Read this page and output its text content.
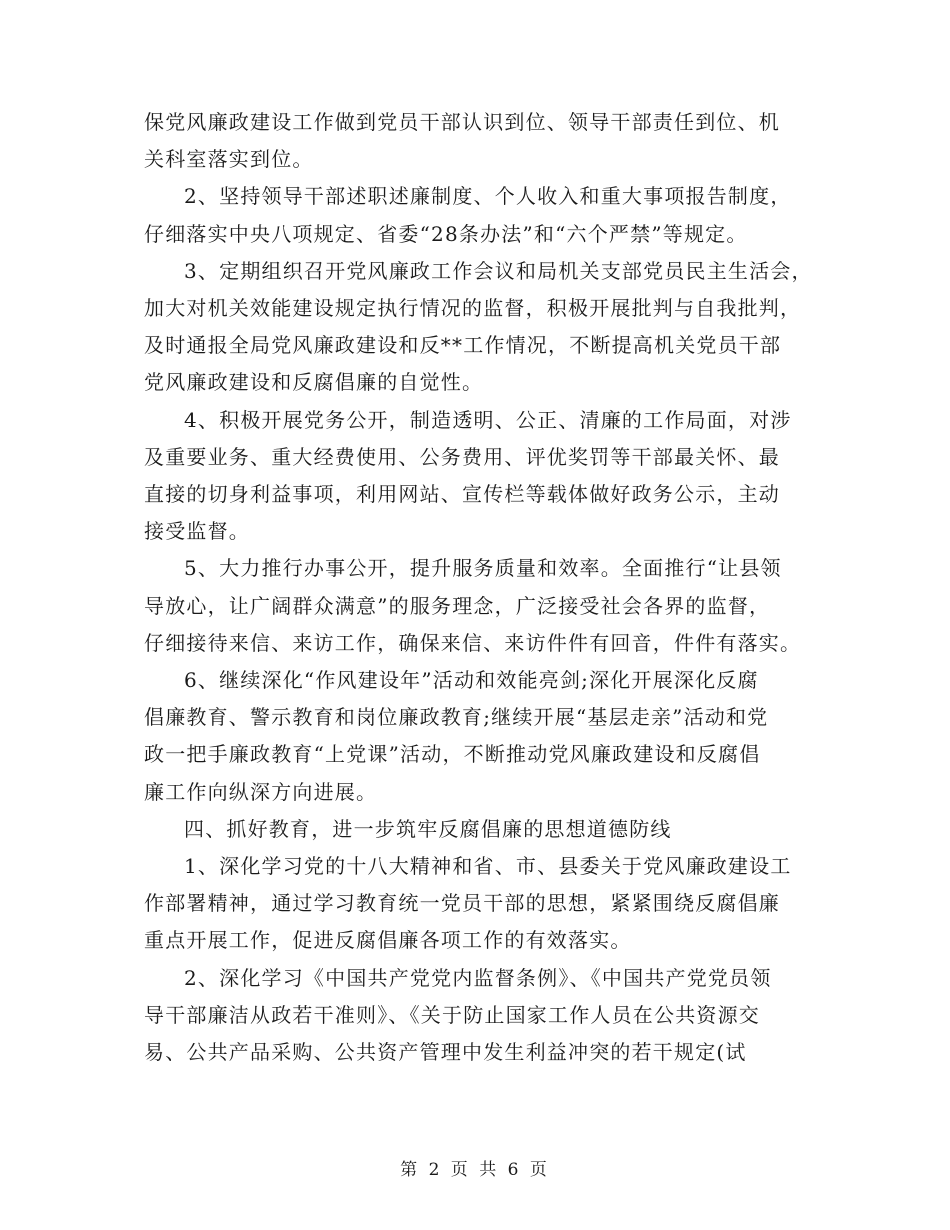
保党风廉政建设工作做到党员干部认识到位、领导干部责任到位、机
关科室落实到位。

2、坚持领导干部述职述廉制度、个人收入和重大事项报告制度，
仔细落实中央八项规定、省委“28条办法”和“六个严禁”等规定。

3、定期组织召开党风廉政工作会议和局机关支部党员民主生活会，
加大对机关效能建设规定执行情况的监督，积极开展批判与自我批判，
及时通报全局党风廉政建设和反**工作情况，不断提高机关党员干部
党风廉政建设和反腐倡廉的自觉性。

4、积极开展党务公开，制造透明、公正、清廉的工作局面，对涉
及重要业务、重大经费使用、公务费用、评优奖罚等干部最关怀、最
直接的切身利益事项，利用网站、宣传栏等载体做好政务公示，主动
接受监督。

5、大力推行办事公开，提升服务质量和效率。全面推行“让县领
导放心，让广阔群众满意”的服务理念，广泛接受社会各界的监督，
仔细接待来信、来访工作，确保来信、来访件件有回音，件件有落实。

6、继续深化“作风建设年”活动和效能亮剑;深化开展深化反腐
倡廉教育、警示教育和岗位廉政教育;继续开展“基层走亲”活动和党
政一把手廉政教育“上党课”活动，不断推动党风廉政建设和反腐倡
廉工作向纵深方向进展。

四、抓好教育，进一步筑牢反腐倡廉的思想道德防线

1、深化学习党的十八大精神和省、市、县委关于党风廉政建设工
作部署精神，通过学习教育统一党员干部的思想，紧紧围绕反腐倡廉
重点开展工作，促进反腐倡廉各项工作的有效落实。

2、深化学习《中国共产党党内监督条例》、《中国共产党党员领
导干部廉洁从政若干准则》、《关于防止国家工作人员在公共资源交
易、公共产品采购、公共资产管理中发生利益冲突的若干规定(试

第 2 页 共 6 页
